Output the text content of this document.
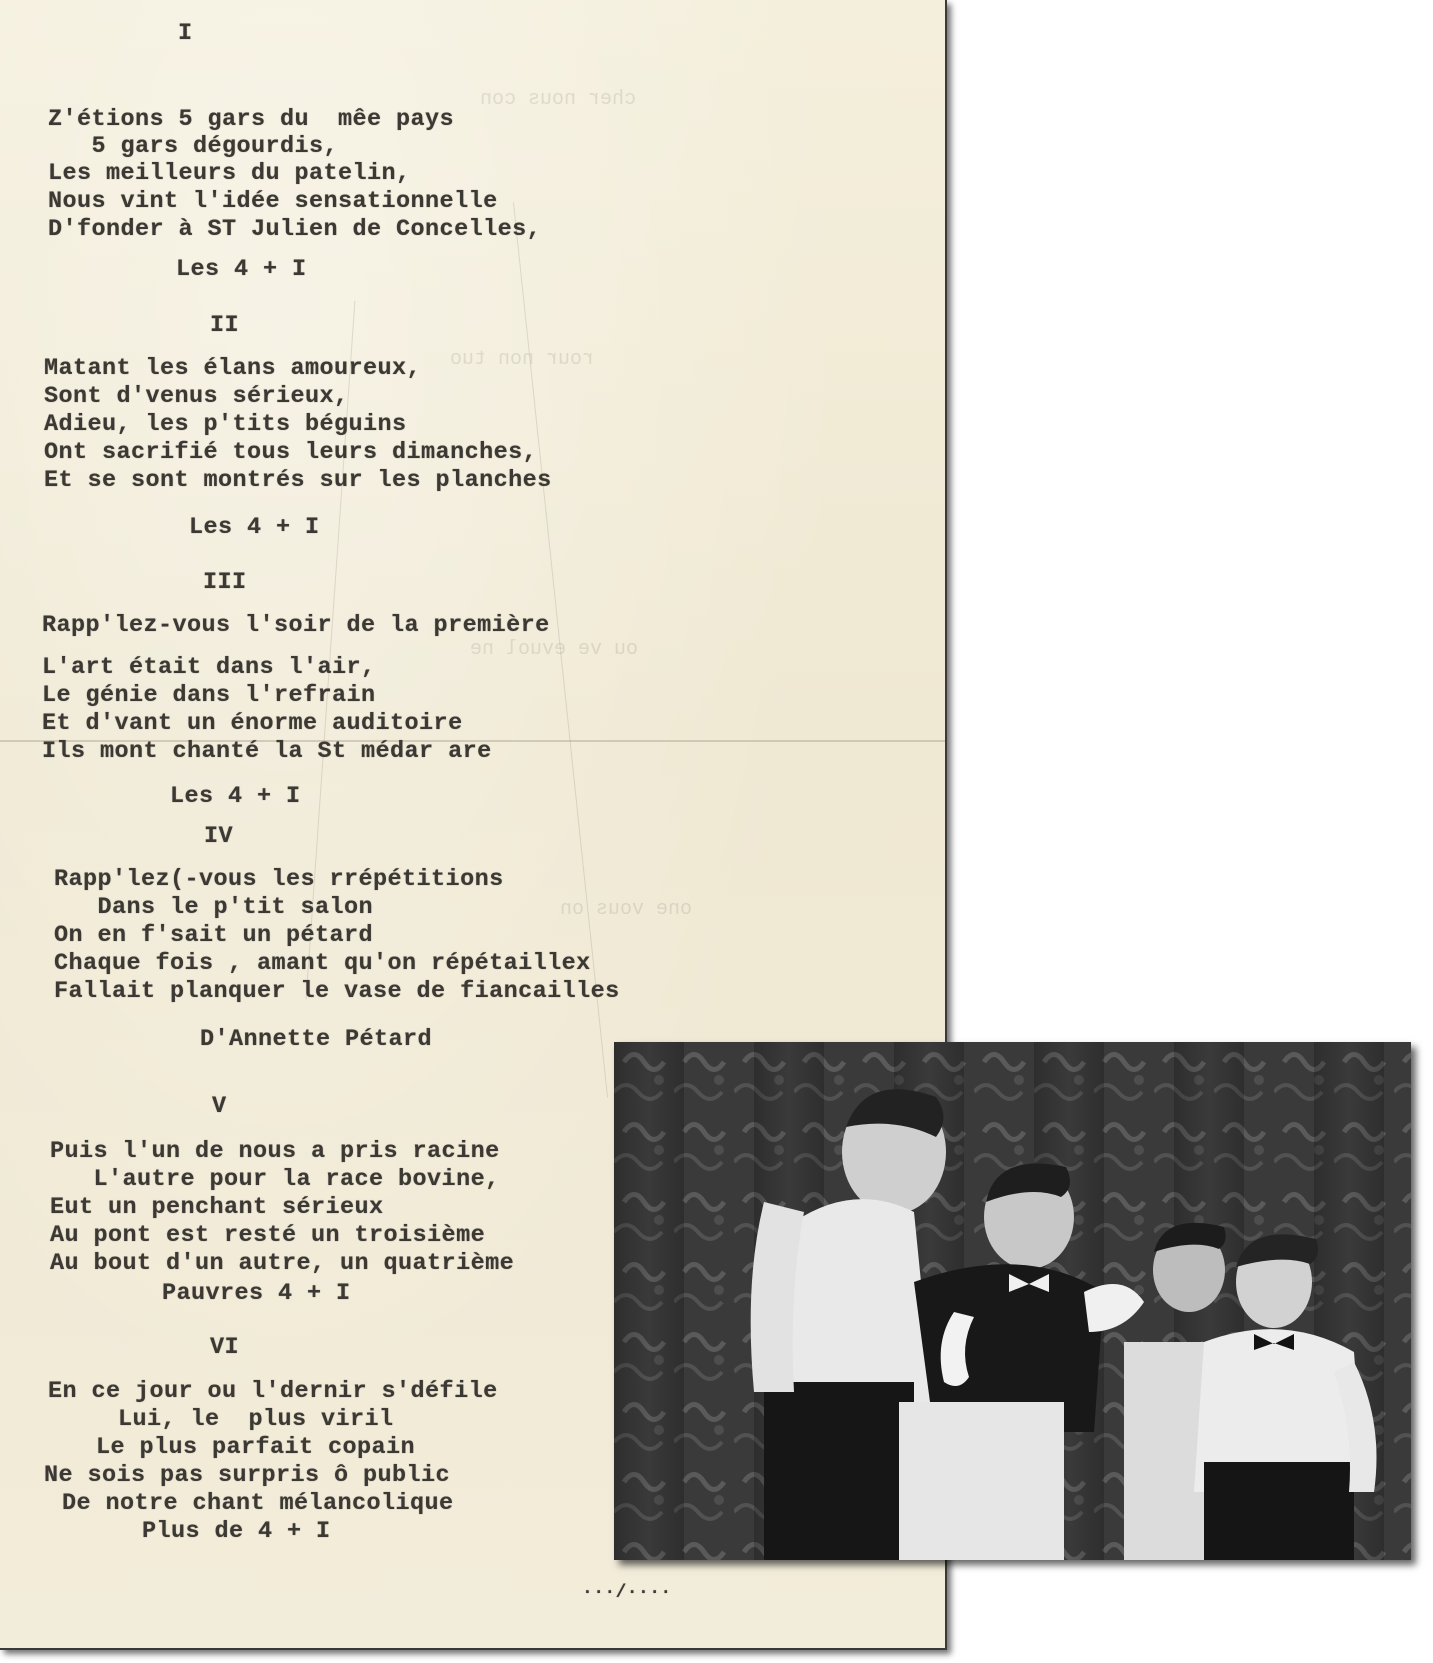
cher nous con
rour non tuo
ou ve evuol ne
one vous on
I
Z'étions 5 gars du  mêe pays
5 gars dégourdis,
Les meilleurs du patelin,
Nous vint l'idée sensationnelle
D'fonder à ST Julien de Concelles,
Les 4 + I
II
Matant les élans amoureux,
Sont d'venus sérieux,
Adieu, les p'tits béguins
Ont sacrifié tous leurs dimanches,
Et se sont montrés sur les planches
Les 4 + I
III
Rapp'lez-vous l'soir de la première
L'art était dans l'air,
Le génie dans l'refrain
Et d'vant un énorme auditoire
Ils mont chanté la St médar are
Les 4 + I
IV
Rapp'lez(-vous les rrépétitions
Dans le p'tit salon
On en f'sait un pétard
Chaque fois , amant qu'on répétaillex
Fallait planquer le vase de fiancailles
D'Annette Pétard
V
Puis l'un de nous a pris racine
L'autre pour la race bovine,
Eut un penchant sérieux
Au pont est resté un troisième
Au bout d'un autre, un quatrième
Pauvres 4 + I
VI
En ce jour ou l'dernir s'défile
Lui, le  plus viril
Le plus parfait copain
Ne sois pas surpris ô public
De notre chant mélancolique
Plus de 4 + I
···/····
